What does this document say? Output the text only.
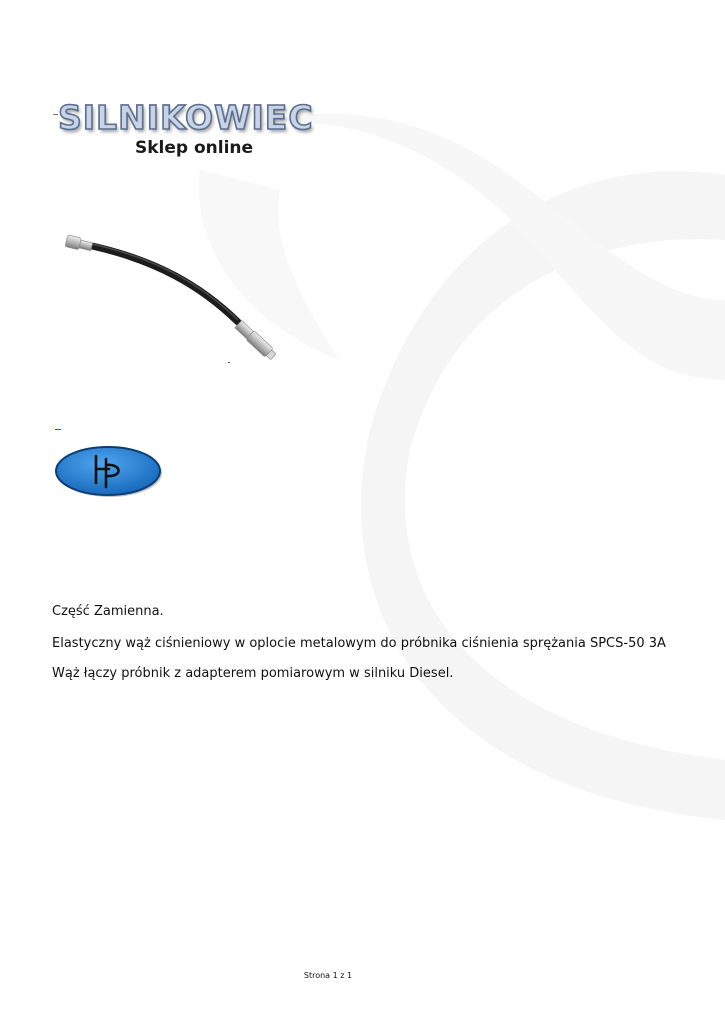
SILNIKOWIEC
Sklep online

Część Zamienna.

Elastyczny wąż ciśnieniowy w oplocie metalowym do próbnika ciśnienia sprężania SPCS-50 3A

Wąż łączy próbnik z adapterem pomiarowym w silniku Diesel.

Strona 1 z 1
